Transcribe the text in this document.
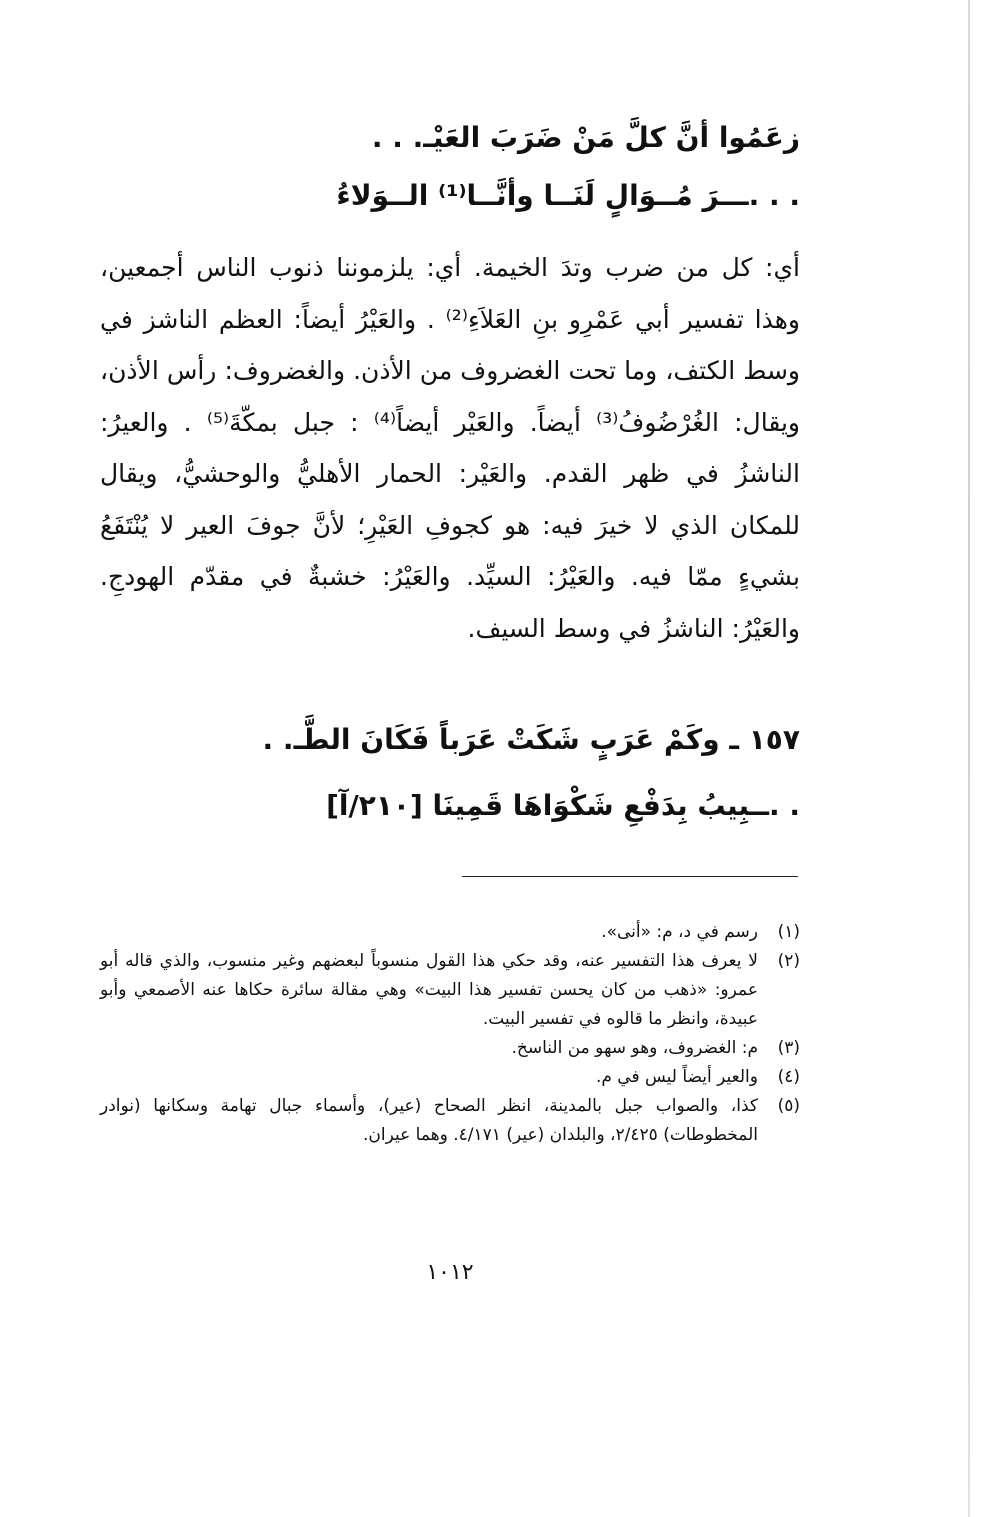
زعَمُوا أنَّ كلَّ مَنْ ضَرَبَ العَيْـ. . .
. . .ـــرَ مُــوَالٍ لَنَــا وأنَّــا⁽¹⁾ الــوَلاءُ
أي: كل من ضرب وتدَ الخيمة. أي: يلزموننا ذنوب الناس أجمعين، وهذا تفسير أبي عَمْرِو بنِ العَلاَءِ⁽²⁾ . والعَيْرُ أيضاً: العظم الناشز في وسط الكتف، وما تحت الغضروف من الأذن. والغضروف: رأس الأذن، ويقال: الغُرْضُوفُ⁽³⁾ أيضاً. والعَيْر أيضاً⁽⁴⁾ : جبل بمكّةَ⁽⁵⁾ . والعيرُ: الناشزُ في ظهر القدم. والعَيْر: الحمار الأهليُّ والوحشيُّ، ويقال للمكان الذي لا خيرَ فيه: هو كجوفِ العَيْرِ؛ لأنَّ جوفَ العير لا يُنْتَفَعُ بشيءٍ ممّا فيه. والعَيْرُ: السيِّد. والعَيْرُ: خشبةٌ في مقدّم الهودجِ. والعَيْرُ: الناشزُ في وسط السيف.
١٥٧ ـ وكَمْ عَرَبٍ شَكَتْ عَرَباً فَكَانَ الطَّـ. .
. .ــبِيبُ بِدَفْعِ شَكْوَاهَا قَمِينَا [٢١٠/آ]
(١)
رسم في د، م: «أنى».
(٢)
لا يعرف هذا التفسير عنه، وقد حكي هذا القول منسوباً لبعضهم وغير منسوب، والذي قاله أبو عمرو: «ذهب من كان يحسن تفسير هذا البيت» وهي مقالة سائرة حكاها عنه الأصمعي وأبو عبيدة، وانظر ما قالوه في تفسير البيت.
(٣)
م: الغضروف، وهو سهو من الناسخ.
(٤)
والعير أيضاً ليس في م.
(٥)
كذا، والصواب جبل بالمدينة، انظر الصحاح (عير)، وأسماء جبال تهامة وسكانها (نوادر المخطوطات) ٢/٤٢٥، والبلدان (عير) ٤/١٧١. وهما عيران.
١٠١٢
